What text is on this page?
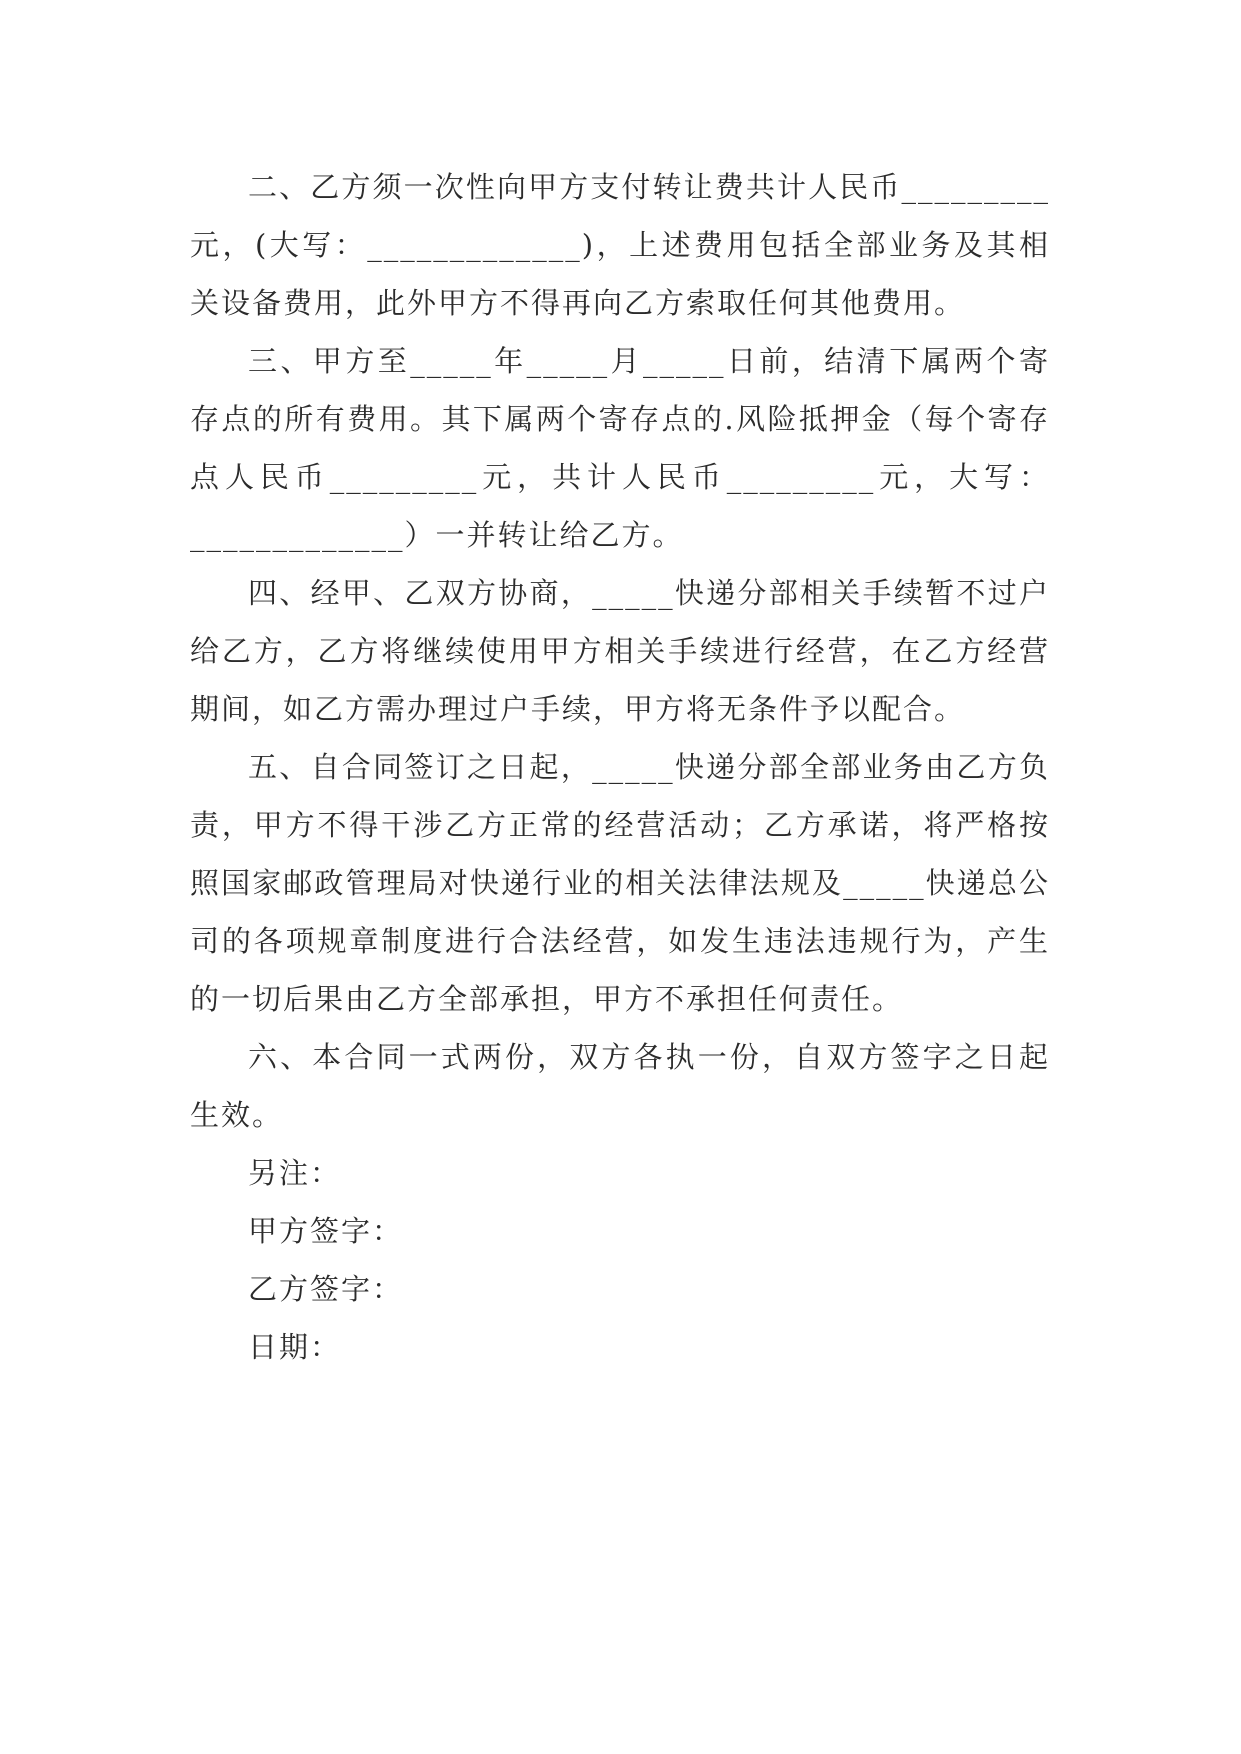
二、乙方须一次性向甲方支付转让费共计人民币_________元，(大写：_____________)，上述费用包括全部业务及其相关设备费用，此外甲方不得再向乙方索取任何其他费用。

三、甲方至_____年_____月_____日前，结清下属两个寄存点的所有费用。其下属两个寄存点的.风险抵押金（每个寄存点人民币_________元，共计人民币_________元，大写：_____________）一并转让给乙方。

四、经甲、乙双方协商，_____快递分部相关手续暂不过户给乙方，乙方将继续使用甲方相关手续进行经营，在乙方经营期间，如乙方需办理过户手续，甲方将无条件予以配合。

五、自合同签订之日起，_____快递分部全部业务由乙方负责，甲方不得干涉乙方正常的经营活动；乙方承诺，将严格按照国家邮政管理局对快递行业的相关法律法规及_____快递总公司的各项规章制度进行合法经营，如发生违法违规行为，产生的一切后果由乙方全部承担，甲方不承担任何责任。

六、本合同一式两份，双方各执一份，自双方签字之日起生效。

另注：

甲方签字：

乙方签字：

日期：
